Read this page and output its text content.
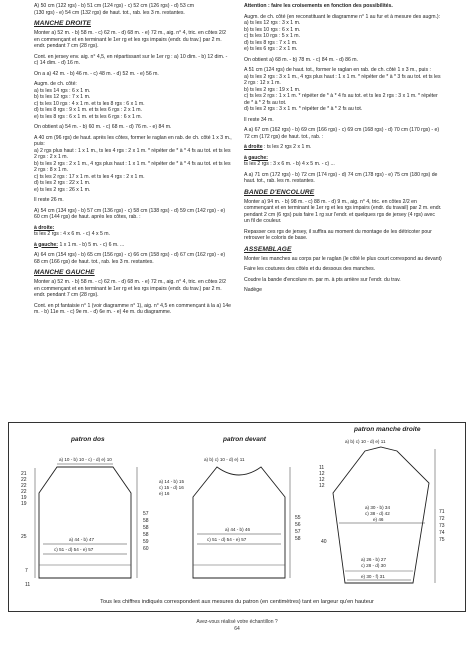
A) 50 cm (122 rgs) - b) 51 cm (124 rgs) - c) 52 cm (126 rgs) - d) 53 cm

(130 rgs) - e) 54 cm (132 rgs) de haut. tot., rab. les 3 m. restantes.

MANCHE DROITE

Monter a) 52 m. - b) 58 m. - c) 62 m. - d) 68 m. - e) 72 m., aig. n° 4, tric. en côtes 2/2 en commençant et en terminant le 1er rg et les rgs impairs (endr. du trav.) par 2 m. endr. pendant 7 cm (28 rgs).

Cont. en jersey env. aig. n° 4,5, en répartissant sur le 1er rg : a) 10 dim. - b) 12 dim. - c) 14 dim. - d) 16 m.

On a a) 42 m. - b) 46 m. - c) 48 m. - d) 52 m. - e) 56 m.

Augm. de ch. côté:
a) ts les 14 rgs : 6 x 1 m.
b) ts les 12 rgs : 7 x 1 m.
c) ts les 10 rgs : 4 x 1 m. et ts les 8 rgs : 6 x 1 m.
d) ts les 8 rgs : 9 x 1 m. et ts les 6 rgs : 2 x 1 m.
e) ts les 8 rgs : 6 x 1 m. et ts les 6 rgs : 6 x 1 m.

On obtient a) 54 m. - b) 60 m. - c) 68 m. - d) 76 m. - e) 84 m.

A 40 cm (96 rgs) de haut. après les côtes, former le raglan en rab. de ch. côté 1 x 3 m., puis:
a) 2 rgs plus haut : 1 x 1 m., ts les 4 rgs : 2 x 1 m. * répéter de * à * 4 fs au tot. et ts les 2 rgs : 2 x 1 m.
b) ts les 2 rgs : 2 x 1 m., 4 rgs plus haut : 1 x 1 m. * répéter de * à * 4 fs au tot. et ts les 2 rgs : 8 x 1 m.
c) ts les 2 rgs : 17 x 1 m. et ts les 4 rgs : 2 x 1 m.
d) ts les 2 rgs : 22 x 1 m.
e) ts les 2 rgs : 26 x 1 m.

Il reste 26 m.

A) 54 cm (134 rgs) - b) 57 cm (136 rgs) - c) 58 cm (138 rgs) - d) 59 cm (142 rgs) - e) 60 cm (144 rgs) de haut. après les côtes, rab. :

à droite:

ts les 2 rgs : 4 x 6 m. - c) 4 x 5 m.

à gauche: 1 x 1 m. - b) 5 m. - c) 6 m. ...

A) 64 cm (154 rgs) - b) 65 cm (156 rgs) - c) 66 cm (158 rgs) - d) 67 cm (162 rgs) - e) 68 cm (166 rgs) de haut. tot., rab. les 3 m. restantes.

MANCHE GAUCHE

Monter a) 52 m. - b) 58 m. - c) 62 m. - d) 68 m. - e) 72 m., aig. n° 4, tric. en côtes 2/2 en commençant et en terminant le 1er rg et les rgs impairs (endr. du trav.) par 2 m. endr. pendant 7 cm (28 rgs).

Cont. en pt fantaisie n° 1 (voir diagramme n° 1), aig. n° 4,5 en commençant à la a) 14e m. - b) 11e m. - c) 9e m. - d) 6e m. - e) 4e m. du diagramme.

Attention : faire les croisements en fonction des possibilités.

Augm. de ch. côté (en reconstituant le diagramme n° 1 au fur et à mesure des augm.):
a) ts les 12 rgs : 3 x 1 m.
b) ts les 10 rgs : 6 x 1 m.
c) ts les 10 rgs : 5 x 1 m.
d) ts les 8 rgs : 7 x 1 m.
e) ts les 6 rgs : 2 x 1 m.

On obtient a) 68 m. - b) 78 m. - c) 84 m. - d) 86 m.

A 51 cm (124 rgs) de haut. tot., former le raglan en rab. de ch. côté 1 x 3 m., puis :
a) ts les 2 rgs : 3 x 1 m., 4 rgs plus haut : 1 x 1 m. * répéter de * à * 3 fs au tot. et ts les 2 rgs : 12 x 1 m.
b) ts les 2 rgs : 19 x 1 m.
c) ts les 2 rgs : 1 x 1 m. * répéter de * à * 4 fs au tot. et ts les 2 rgs : 3 x 1 m. * répéter de * à * 2 fs au tot.
d) ts les 2 rgs : 3 x 1 m. * répéter de * à * 2 fs au tot.

Il reste 34 m.

A a) 67 cm (162 rgs) - b) 69 cm (166 rgs) - c) 69 cm (168 rgs) - d) 70 cm (170 rgs) - e) 72 cm (172 rgs) de haut. tot., rab. :

à droite : ts les 2 rgs 2 x 1 m.

à gauche:

ts les 2 rgs : 3 x 6 m. - b) 4 x 5 m. - c) ...

A a) 71 cm (172 rgs) - b) 72 cm (174 rgs) - d) 74 cm (178 rgs) - e) 75 cm (180 rgs) de haut. tot., rab. les m. restantes.

BANDE D'ENCOLURE

Monter a) 94 m. - b) 98 m. - c) 88 m. - d) 9 m., aig. n° 4, tric. en côtes 2/2 en commençant et en terminant le 1er rg et les rgs impairs (endr. du travail) par 2 m. endr. pendant 2 cm (6 rgs) puis faire 1 rg sur l'endr. et quelques rgs de jersey (4 rgs) avec un fil de couleur.

Repasser ces rgs de jersey, il suffira au moment du montage de les détricoter pour retrouver le coloris de base.

ASSEMBLAGE

Monter les manches au corps par le raglan (le côté le plus court correspond au devant)

Faire les coutures des côtés et du dessous des manches.

Coudre la bande d'encolure m. par m. à pts arrière sur l'endr. du trav.

Nadège

patron dos
a) 10 - b) 10 - c) - d) e) 10
21
22
22
22
19
19
25
57
58
58
58
59
60
a) 44 - b) 47
c) 51 - d) 54 - e) 57
7
11
patron devant
a) b) c) 10 - d) e) 11
a) 14 - b) 15
c) 15 - d) 16
e) 16
55
56
57
58
a) 44 - b) 46
c) 51 - d) 54 - e) 57
patron manche droite
a) b) c) 10 - d) e) 11
11
12
12
12
40
71
72
73
74
75
a) 30 - b) 34
c) 38 - d) 42
e) 46
a) 26 - b) 27
c) 28 - d) 30
e) 30 - f) 31
Tous les chiffres indiqués correspondent aux mesures du patron (en centimètres) tant en largeur qu'en hauteur
Avez-vous réalisé votre échantillon ?
64
